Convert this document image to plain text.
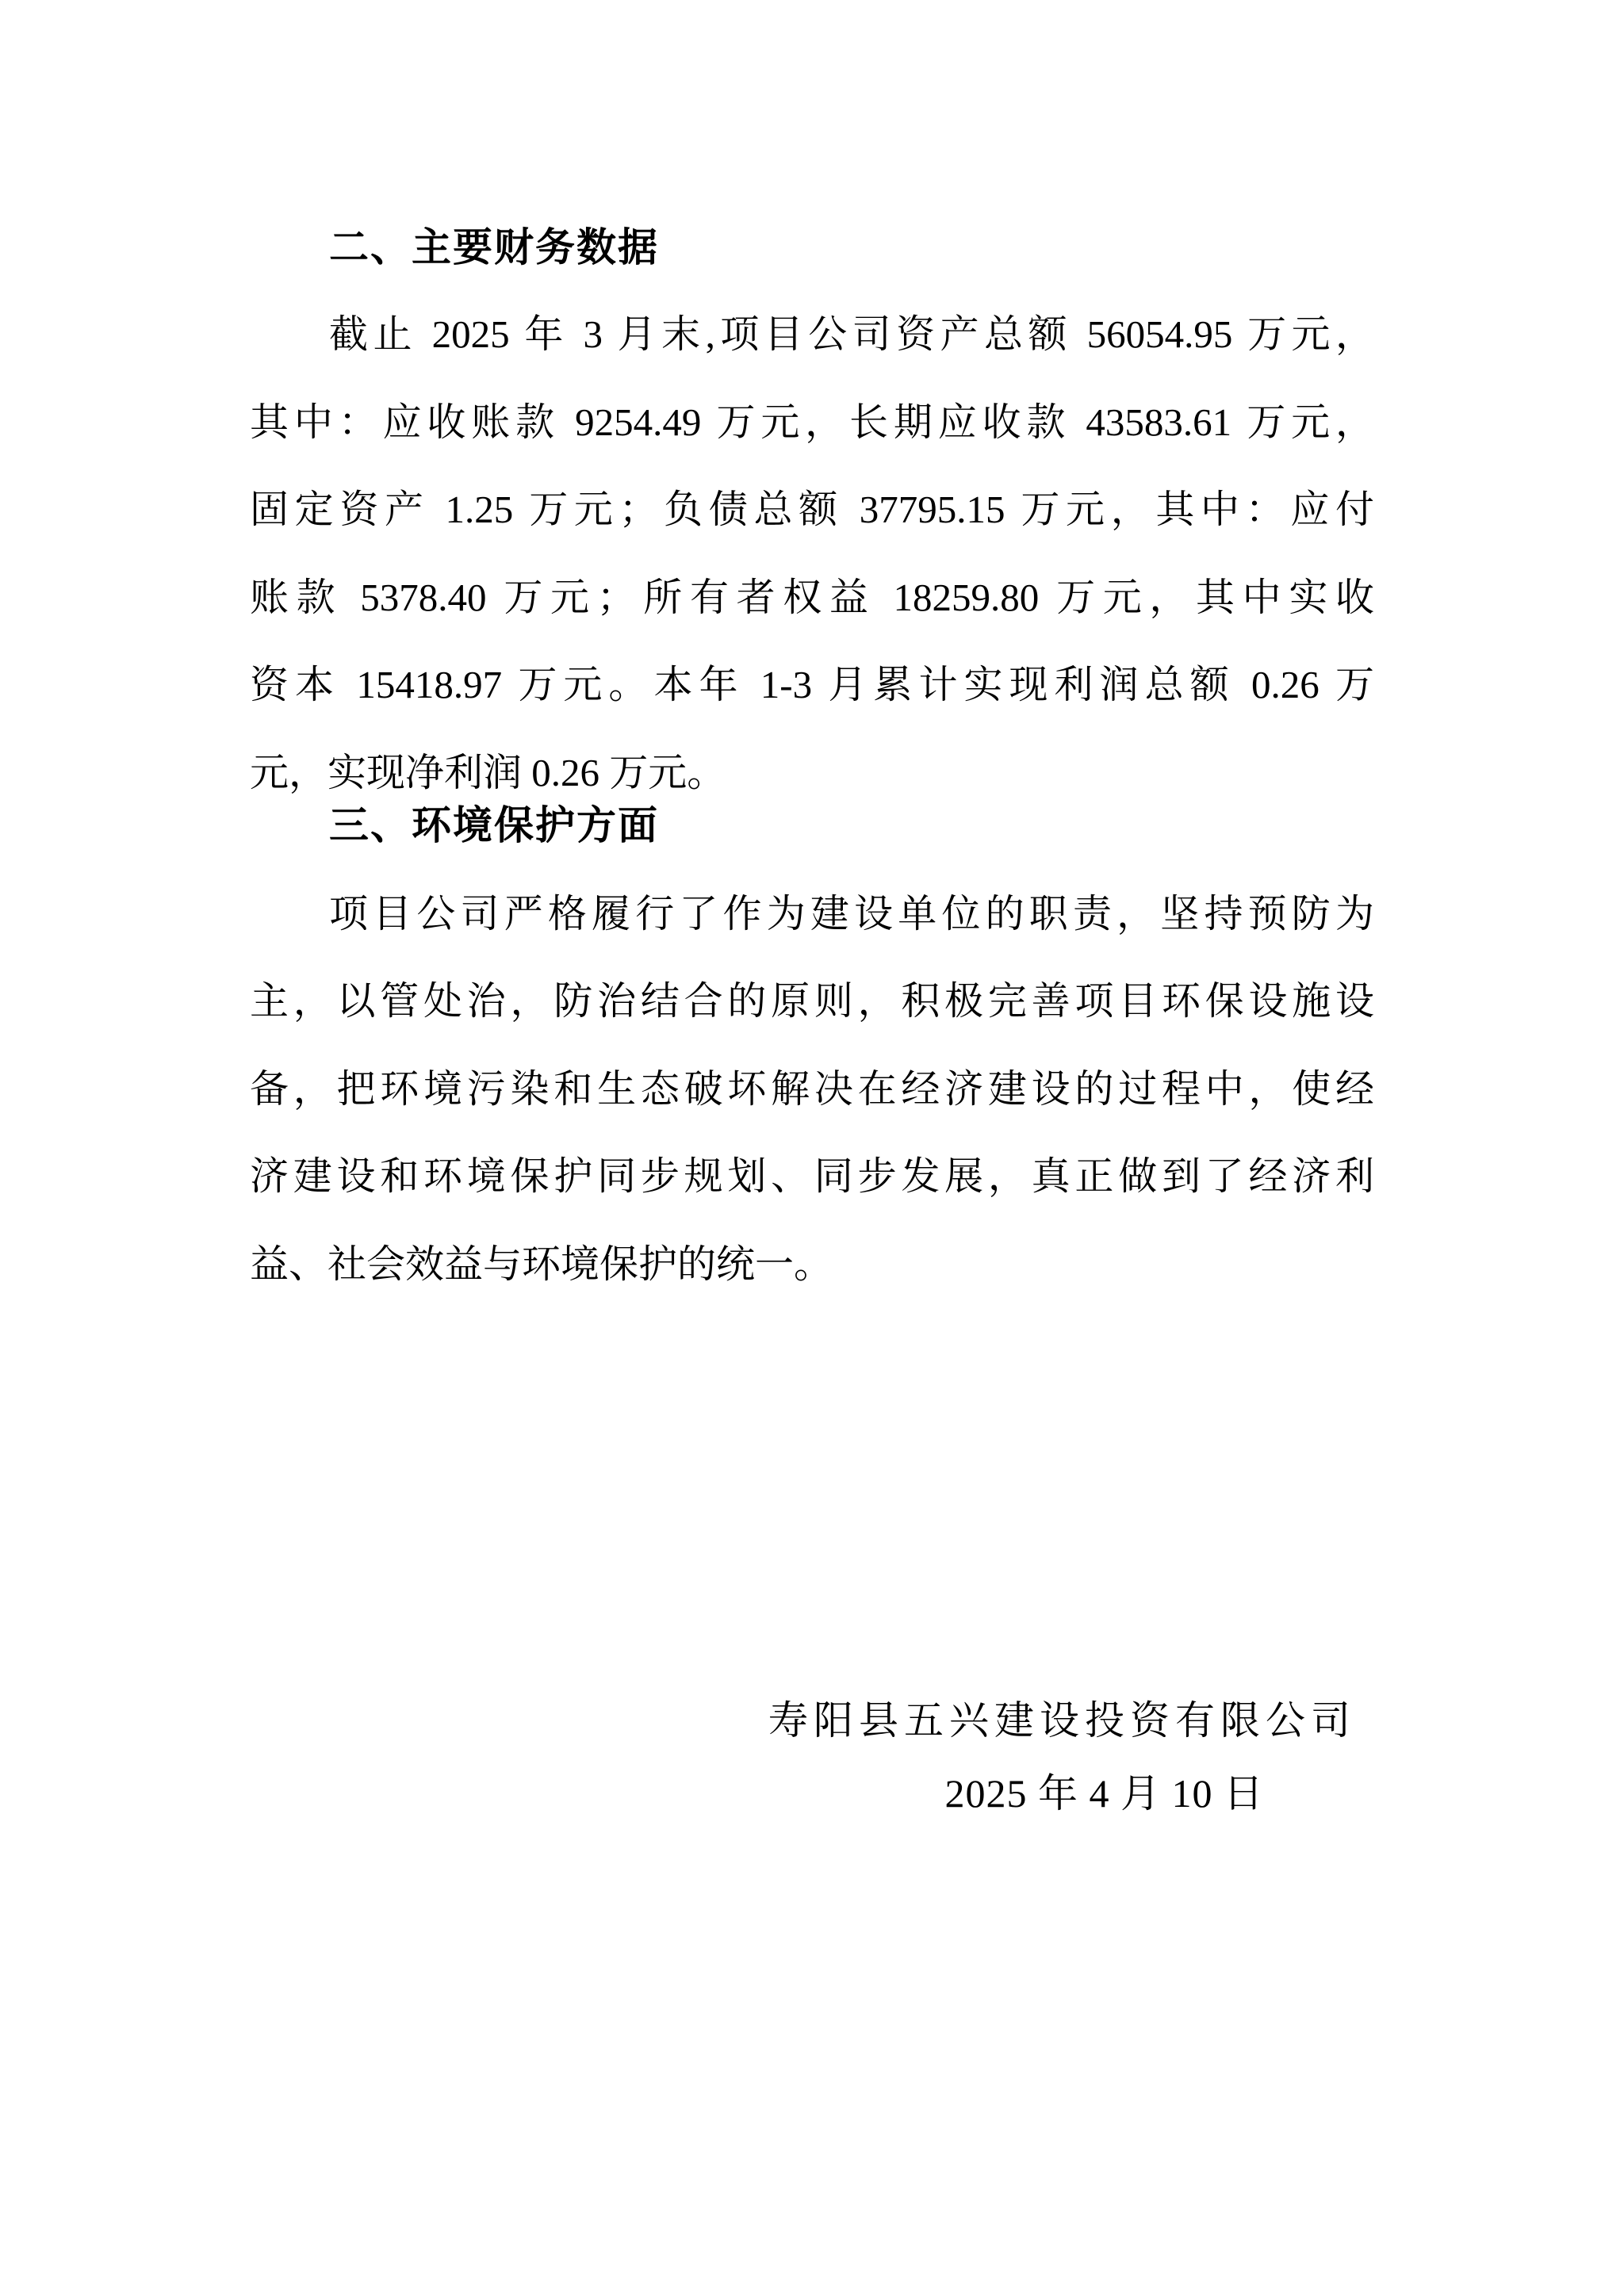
二、主要财务数据
截止 2025 年 3 月末,项目公司资产总额 56054.95 万元，
其中：应收账款 9254.49 万元，长期应收款 43583.61 万元，
固定资产 1.25 万元；负债总额 37795.15 万元，其中：应付
账款 5378.40 万元；所有者权益 18259.80 万元，其中实收
资本 15418.97 万元。本年 1-3 月累计实现利润总额 0.26 万
元，实现净利润 0.26 万元。
三、环境保护方面
项目公司严格履行了作为建设单位的职责，坚持预防为
主，以管处治，防治结合的原则，积极完善项目环保设施设
备，把环境污染和生态破坏解决在经济建设的过程中，使经
济建设和环境保护同步规划、同步发展，真正做到了经济利
益、社会效益与环境保护的统一。
寿阳县五兴建设投资有限公司
2025 年 4 月 10 日
